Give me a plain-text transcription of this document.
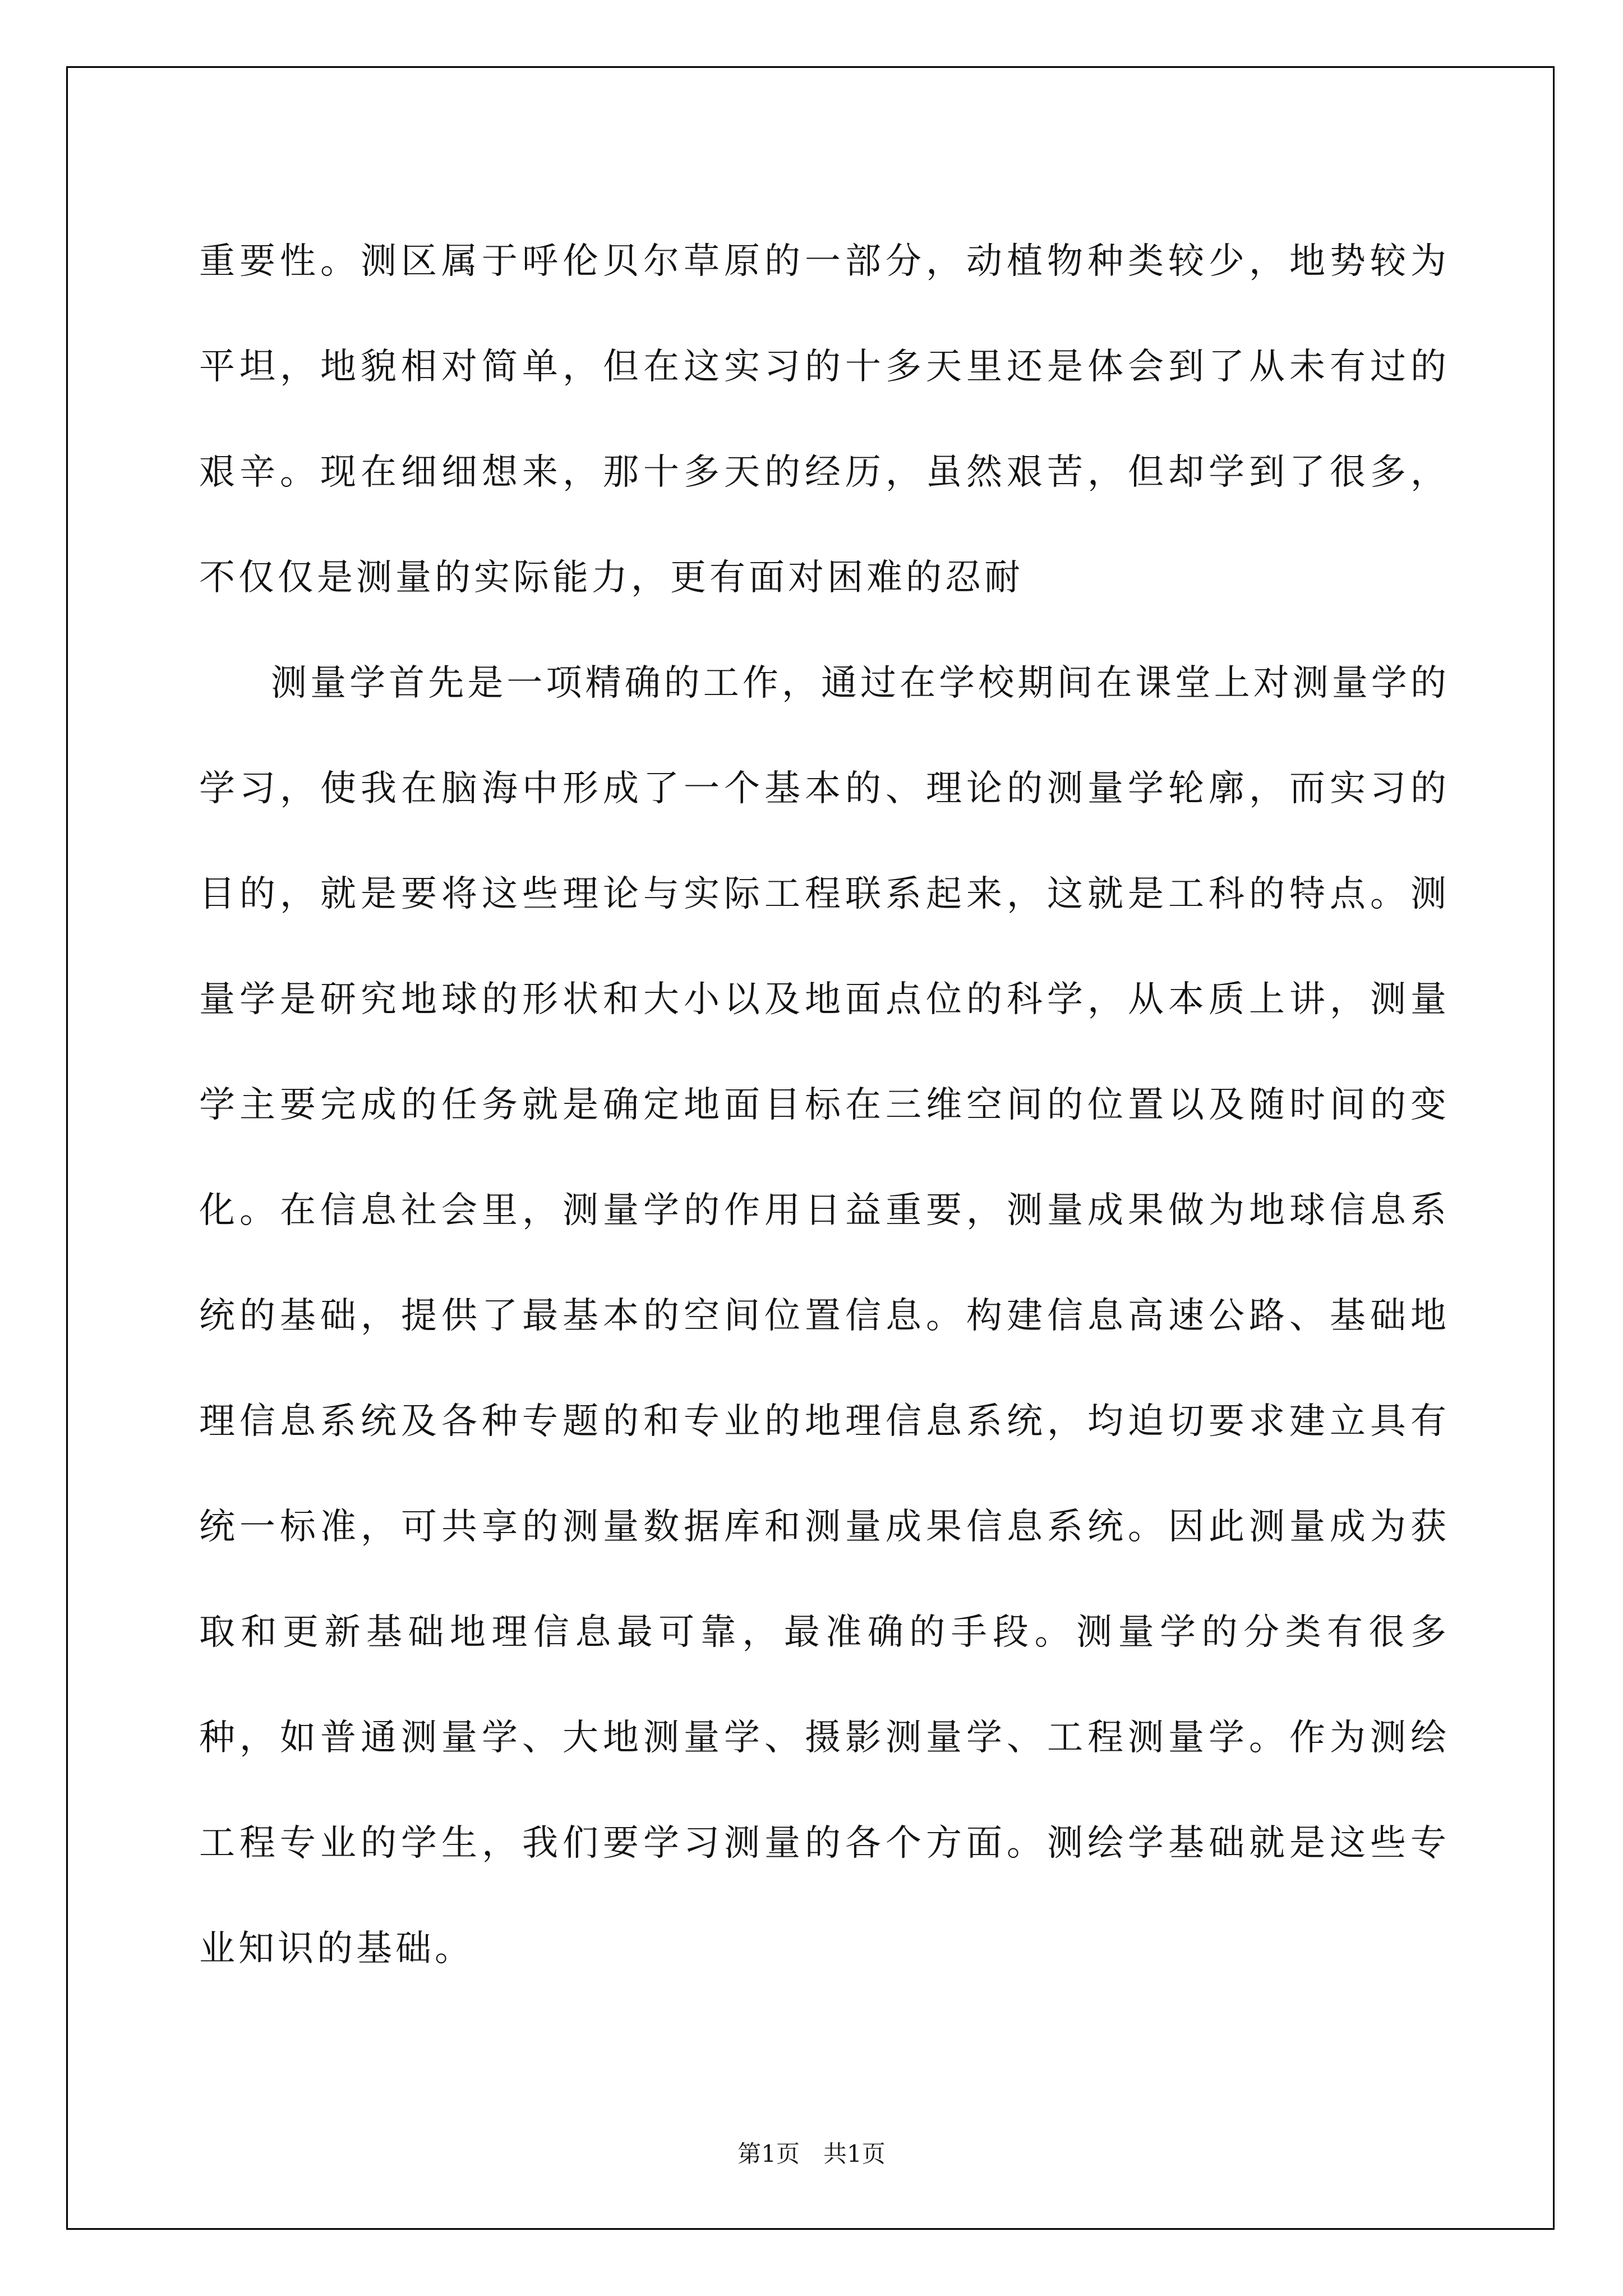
重要性。测区属于呼伦贝尔草原的一部分，动植物种类较少，地势较为平坦，地貌相对简单，但在这实习的十多天里还是体会到了从未有过的艰辛。现在细细想来，那十多天的经历，虽然艰苦，但却学到了很多，不仅仅是测量的实际能力，更有面对困难的忍耐

测量学首先是一项精确的工作，通过在学校期间在课堂上对测量学的学习，使我在脑海中形成了一个基本的、理论的测量学轮廓，而实习的目的，就是要将这些理论与实际工程联系起来，这就是工科的特点。测量学是研究地球的形状和大小以及地面点位的科学，从本质上讲，测量学主要完成的任务就是确定地面目标在三维空间的位置以及随时间的变化。在信息社会里，测量学的作用日益重要，测量成果做为地球信息系统的基础，提供了最基本的空间位置信息。构建信息高速公路、基础地理信息系统及各种专题的和专业的地理信息系统，均迫切要求建立具有统一标准，可共享的测量数据库和测量成果信息系统。因此测量成为获取和更新基础地理信息最可靠，最准确的手段。测量学的分类有很多种，如普通测量学、大地测量学、摄影测量学、工程测量学。作为测绘工程专业的学生，我们要学习测量的各个方面。测绘学基础就是这些专业知识的基础。

第1页　共1页
